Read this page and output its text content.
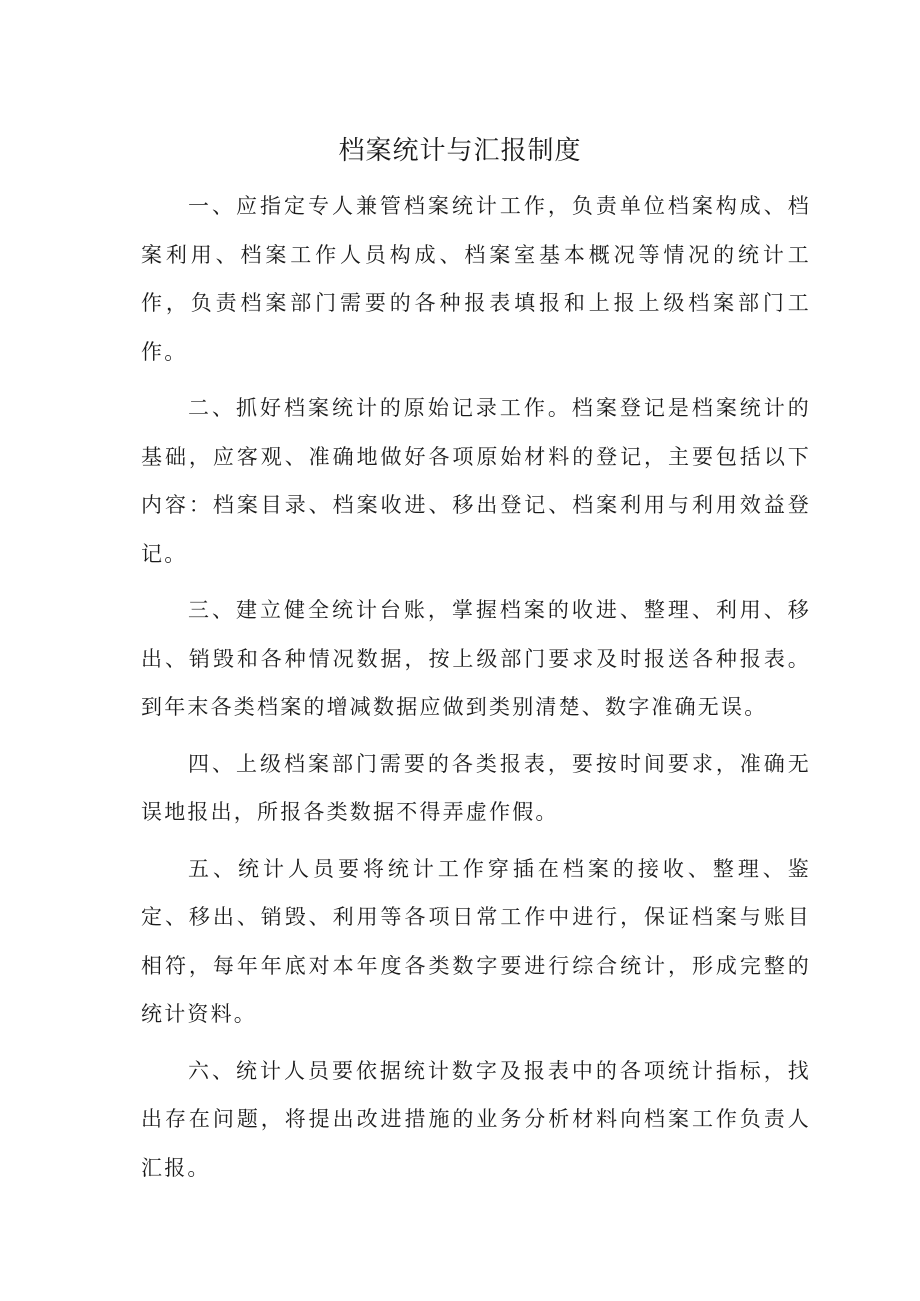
档案统计与汇报制度

一、应指定专人兼管档案统计工作，负责单位档案构成、档案利用、档案工作人员构成、档案室基本概况等情况的统计工作，负责档案部门需要的各种报表填报和上报上级档案部门工作。

二、抓好档案统计的原始记录工作。档案登记是档案统计的基础，应客观、准确地做好各项原始材料的登记，主要包括以下内容：档案目录、档案收进、移出登记、档案利用与利用效益登记。

三、建立健全统计台账，掌握档案的收进、整理、利用、移出、销毁和各种情况数据，按上级部门要求及时报送各种报表。到年末各类档案的增减数据应做到类别清楚、数字准确无误。

四、上级档案部门需要的各类报表，要按时间要求，准确无误地报出，所报各类数据不得弄虚作假。

五、统计人员要将统计工作穿插在档案的接收、整理、鉴定、移出、销毁、利用等各项日常工作中进行，保证档案与账目相符，每年年底对本年度各类数字要进行综合统计，形成完整的统计资料。

六、统计人员要依据统计数字及报表中的各项统计指标，找出存在问题，将提出改进措施的业务分析材料向档案工作负责人汇报。
